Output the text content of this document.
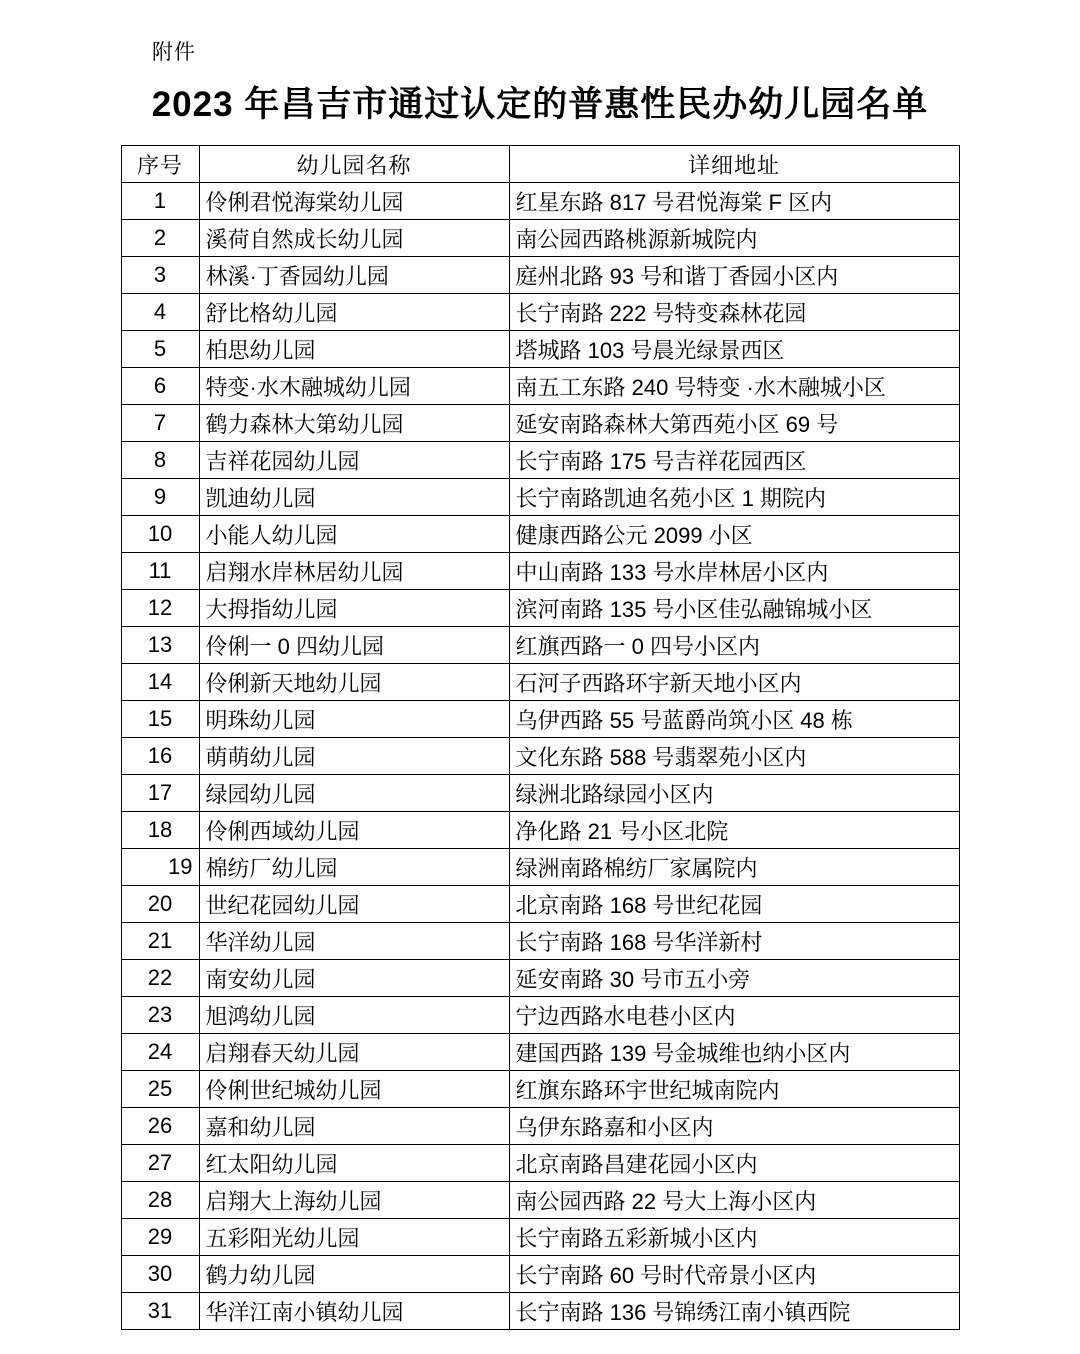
附件
2023 年昌吉市通过认定的普惠性民办幼儿园名单
序号	幼儿园名称	详细地址
1	伶俐君悦海棠幼儿园	红星东路 817 号君悦海棠 F 区内
2	溪荷自然成长幼儿园	南公园西路桃源新城院内
3	林溪·丁香园幼儿园	庭州北路 93 号和谐丁香园小区内
4	舒比格幼儿园	长宁南路 222 号特变森林花园
5	柏思幼儿园	塔城路 103 号晨光绿景西区
6	特变·水木融城幼儿园	南五工东路 240 号特变 ·水木融城小区
7	鹤力森林大第幼儿园	延安南路森林大第西苑小区 69 号
8	吉祥花园幼儿园	长宁南路 175 号吉祥花园西区
9	凯迪幼儿园	长宁南路凯迪名苑小区 1 期院内
10	小能人幼儿园	健康西路公元 2099 小区
11	启翔水岸林居幼儿园	中山南路 133 号水岸林居小区内
12	大拇指幼儿园	滨河南路 135 号小区佳弘融锦城小区
13	伶俐一 0 四幼儿园	红旗西路一 0 四号小区内
14	伶俐新天地幼儿园	石河子西路环宇新天地小区内
15	明珠幼儿园	乌伊西路 55 号蓝爵尚筑小区 48 栋
16	萌萌幼儿园	文化东路 588 号翡翠苑小区内
17	绿园幼儿园	绿洲北路绿园小区内
18	伶俐西域幼儿园	净化路 21 号小区北院
19	棉纺厂幼儿园	绿洲南路棉纺厂家属院内
20	世纪花园幼儿园	北京南路 168 号世纪花园
21	华洋幼儿园	长宁南路 168 号华洋新村
22	南安幼儿园	延安南路 30 号市五小旁
23	旭鸿幼儿园	宁边西路水电巷小区内
24	启翔春天幼儿园	建国西路 139 号金城维也纳小区内
25	伶俐世纪城幼儿园	红旗东路环宇世纪城南院内
26	嘉和幼儿园	乌伊东路嘉和小区内
27	红太阳幼儿园	北京南路昌建花园小区内
28	启翔大上海幼儿园	南公园西路 22 号大上海小区内
29	五彩阳光幼儿园	长宁南路五彩新城小区内
30	鹤力幼儿园	长宁南路 60 号时代帝景小区内
31	华洋江南小镇幼儿园	长宁南路 136 号锦绣江南小镇西院
